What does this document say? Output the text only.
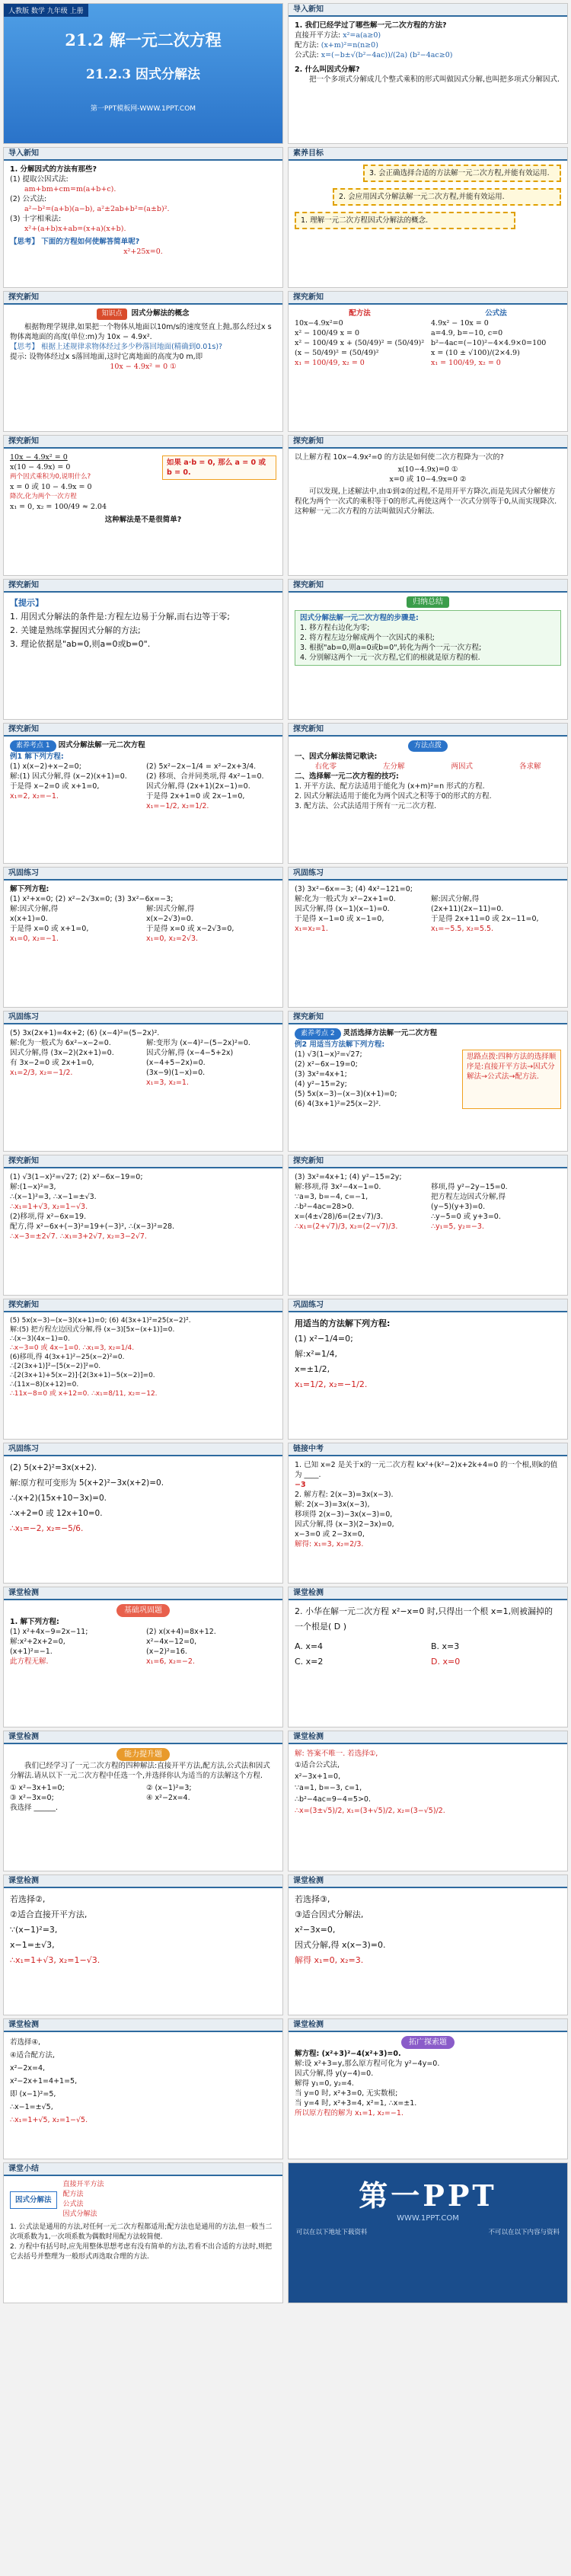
人教版 数学 九年级 上册
21.2 解一元二次方程
21.2.3 因式分解法
第一PPT模板网-WWW.1PPT.COM
导入新知
1. 我们已经学过了哪些解一元二次方程的方法?
直接开平方法: x²=a(a≥0)
配方法: (x+m)²=n(n≥0)
公式法: x=(−b±√(b²−4ac))/(2a) (b²−4ac≥0)
2. 什么叫因式分解?
把一个多项式分解成几个整式乘积的形式叫做因式分解,也叫把多项式分解因式.
导入新知
1. 分解因式的方法有那些?
(1) 提取公因式法:
am+bm+cm=m(a+b+c).
(2) 公式法:
a²−b²=(a+b)(a−b), a²±2ab+b²=(a±b)².
(3) 十字相乘法:
x²+(a+b)x+ab=(x+a)(x+b).
【思考】 下面的方程如何使解答简单呢?
x²+25x=0.
素养目标
3. 会正确选择合适的方法解一元二次方程,并能有效运用.
2. 会应用因式分解法解一元二次方程,并能有效运用.
1. 理解一元二次方程因式分解法的概念.
探究新知
知识点 因式分解法的概念
根据物理学规律,如果把一个物体从地面以10m/s的速度竖直上抛,那么经过x s物体离地面的高度(单位:m)为 10x − 4.9x².
【思考】 根据上述规律求物体经过多少秒落回地面(精确到0.01s)?
提示: 设物体经过x s落回地面,这时它离地面的高度为0 m,即
10x − 4.9x² = 0 ①
探究新知
配方法
10x−4.9x²=0
x² − 100/49 x = 0
x² − 100/49 x + (50/49)² = (50/49)²
(x − 50/49)² = (50/49)²
x₁ = 100/49, x₂ = 0
公式法
4.9x² − 10x = 0
a=4.9, b=−10, c=0
b²−4ac=(−10)²−4×4.9×0=100
x = (10 ± √100)/(2×4.9)
x₁ = 100/49, x₂ = 0
探究新知
10x − 4.9x² = 0
x(10 − 4.9x) = 0
两个因式乘积为0,说明什么?
x = 0 或 10 − 4.9x = 0
降次,化为两个一次方程
x₁ = 0, x₂ = 100/49 ≈ 2.04
如果 a·b = 0, 那么 a = 0 或 b = 0.
这种解法是不是很简单?
探究新知
以上解方程 10x−4.9x²=0 的方法是如何使二次方程降为一次的?
x(10−4.9x)=0 ①
x=0 或 10−4.9x=0 ②
可以发现,上述解法中,由①到②的过程,不是用开平方降次,而是先因式分解使方程化为两个一次式的乘积等于0的形式,再使这两个一次式分别等于0,从而实现降次.这种解一元二次方程的方法叫做因式分解法.
探究新知
【提示】
1. 用因式分解法的条件是:方程左边易于分解,而右边等于零;
2. 关键是熟练掌握因式分解的方法;
3. 理论依据是"ab=0,则a=0或b=0".
探究新知
归纳总结
因式分解法解一元二次方程的步骤是:
1. 移方程右边化为零;
2. 将方程左边分解成两个一次因式的乘积;
3. 根据"ab=0,则a=0或b=0",转化为两个一元一次方程;
4. 分别解这两个一元一次方程,它们的根就是原方程的根.
探究新知
素养考点 1 因式分解法解一元二次方程
例1 解下列方程:
(1) x(x−2)+x−2=0;
解:(1) 因式分解,得 (x−2)(x+1)=0.
于是得 x−2=0 或 x+1=0,
x₁=2, x₂=−1.
(2) 5x²−2x−1/4 = x²−2x+3/4.
(2) 移项、合并同类项,得 4x²−1=0.
因式分解,得 (2x+1)(2x−1)=0.
于是得 2x+1=0 或 2x−1=0,
x₁=−1/2, x₂=1/2.
探究新知
方法点拨
一、因式分解法简记歌诀:
右化零	左分解	两因式	各求解
二、选择解一元二次方程的技巧:
1. 开平方法、配方法适用于能化为 (x+m)²=n 形式的方程.
2. 因式分解法适用于能化为两个因式之积等于0的形式的方程.
3. 配方法、公式法适用于所有一元二次方程.
巩固练习
解下列方程:
(1) x²+x=0; (2) x²−2√3x=0; (3) 3x²−6x=−3;
解:因式分解,得
x(x+1)=0.
于是得 x=0 或 x+1=0,
x₁=0, x₂=−1.
解:因式分解,得
x(x−2√3)=0.
于是得 x=0 或 x−2√3=0,
x₁=0, x₂=2√3.
巩固练习
(3) 3x²−6x=−3; (4) 4x²−121=0;
解:化为一般式为 x²−2x+1=0.
因式分解,得 (x−1)(x−1)=0.
于是得 x−1=0 或 x−1=0,
x₁=x₂=1.
解:因式分解,得
(2x+11)(2x−11)=0.
于是得 2x+11=0 或 2x−11=0,
x₁=−5.5, x₂=5.5.
巩固练习
(5) 3x(2x+1)=4x+2; (6) (x−4)²=(5−2x)².
解:化为一般式为 6x²−x−2=0.
因式分解,得 (3x−2)(2x+1)=0.
有 3x−2=0 或 2x+1=0,
x₁=2/3, x₂=−1/2.
解:变形为 (x−4)²−(5−2x)²=0.
因式分解,得 (x−4−5+2x)(x−4+5−2x)=0.
(3x−9)(1−x)=0.
x₁=3, x₂=1.
探究新知
素养考点 2 灵活选择方法解一元二次方程
例2 用适当方法解下列方程:
(1) √3(1−x)²=√27;
(2) x²−6x−19=0;
(3) 3x²=4x+1;
(4) y²−15=2y;
(5) 5x(x−3)−(x−3)(x+1)=0;
(6) 4(3x+1)²=25(x−2)².
思路点拨:四种方法的选择顺序是:直接开平方法→因式分解法→公式法→配方法.
探究新知
(1) √3(1−x)²=√27; (2) x²−6x−19=0;
解:(1−x)²=3,
∴(x−1)²=3, ∴x−1=±√3.
∴x₁=1+√3, x₂=1−√3.
(2)移项,得 x²−6x=19.
配方,得 x²−6x+(−3)²=19+(−3)², ∴(x−3)²=28.
∴x−3=±2√7. ∴x₁=3+2√7, x₂=3−2√7.
探究新知
(3) 3x²=4x+1; (4) y²−15=2y;
解:移项,得 3x²−4x−1=0.
∵a=3, b=−4, c=−1,
∴b²−4ac=28>0.
x=(4±√28)/6=(2±√7)/3.
∴x₁=(2+√7)/3, x₂=(2−√7)/3.
移项,得 y²−2y−15=0.
把方程左边因式分解,得
(y−5)(y+3)=0.
∴y−5=0 或 y+3=0.
∴y₁=5, y₂=−3.
探究新知
(5) 5x(x−3)−(x−3)(x+1)=0; (6) 4(3x+1)²=25(x−2)².
解:(5) 把方程左边因式分解,得 (x−3)[5x−(x+1)]=0.
∴(x−3)(4x−1)=0.
∴x−3=0 或 4x−1=0. ∴x₁=3, x₂=1/4.
(6)移项,得 4(3x+1)²−25(x−2)²=0.
∴[2(3x+1)]²−[5(x−2)]²=0.
∴[2(3x+1)+5(x−2)]·[2(3x+1)−5(x−2)]=0.
∴(11x−8)(x+12)=0.
∴11x−8=0 或 x+12=0. ∴x₁=8/11, x₂=−12.
巩固练习
用适当的方法解下列方程:
(1) x²−1/4=0;
解:x²=1/4,
x=±1/2,
x₁=1/2, x₂=−1/2.
巩固练习
(2) 5(x+2)²=3x(x+2).
解:原方程可变形为 5(x+2)²−3x(x+2)=0.
∴(x+2)(15x+10−3x)=0.
∴x+2=0 或 12x+10=0.
∴x₁=−2, x₂=−5/6.
链接中考
1. 已知 x=2 是关于x的一元二次方程 kx²+(k²−2)x+2k+4=0 的一个根,则k的值为 ____.
−3
2. 解方程: 2(x−3)=3x(x−3).
解: 2(x−3)=3x(x−3),
移项得 2(x−3)−3x(x−3)=0,
因式分解,得 (x−3)(2−3x)=0,
x−3=0 或 2−3x=0,
解得: x₁=3, x₂=2/3.
课堂检测
基础巩固题
1. 解下列方程:
(1) x²+4x−9=2x−11;
解:x²+2x+2=0,
(x+1)²=−1.
此方程无解.
(2) x(x+4)=8x+12.
x²−4x−12=0,
(x−2)²=16.
x₁=6, x₂=−2.
课堂检测
2. 小华在解一元二次方程 x²−x=0 时,只得出一个根 x=1,则被漏掉的一个根是( D )
A. x=4	B. x=3
C. x=2	D. x=0
课堂检测
能力提升题
我们已经学习了一元二次方程的四种解法:直接开平方法,配方法,公式法和因式分解法.请从以下一元二次方程中任选一个,并选择你认为适当的方法解这个方程.
① x²−3x+1=0;	② (x−1)²=3;
③ x²−3x=0;	④ x²−2x=4.
我选择 ______.
课堂检测
解: 答案不唯一. 若选择①,
①适合公式法,
x²−3x+1=0,
∵a=1, b=−3, c=1,
∴b²−4ac=9−4=5>0.
∴x=(3±√5)/2, x₁=(3+√5)/2, x₂=(3−√5)/2.
课堂检测
若选择②,
②适合直接开平方法,
∵(x−1)²=3,
x−1=±√3,
∴x₁=1+√3, x₂=1−√3.
课堂检测
若选择③,
③适合因式分解法,
x²−3x=0,
因式分解,得 x(x−3)=0.
解得 x₁=0, x₂=3.
课堂检测
若选择④,
④适合配方法,
x²−2x=4,
x²−2x+1=4+1=5,
即 (x−1)²=5,
∴x−1=±√5,
∴x₁=1+√5, x₂=1−√5.
课堂检测
拓广探索题
解方程: (x²+3)²−4(x²+3)=0.
解:设 x²+3=y,那么原方程可化为 y²−4y=0.
因式分解,得 y(y−4)=0.
解得 y₁=0, y₂=4.
当 y=0 时, x²+3=0, 无实数根;
当 y=4 时, x²+3=4, x²=1, ∴x=±1.
所以原方程的解为 x₁=1, x₂=−1.
课堂小结
因式分解法
直接开平方法
配方法
公式法
因式分解法
1. 公式法是通用的方法,对任何一元二次方程都适用;配方法也是通用的方法,但一般当二次项系数为1,一次项系数为偶数时用配方法较简便.
2. 方程中有括号时,应先用整体思想考虑有没有简单的方法,若看不出合适的方法时,则把它去括号并整理为一般形式再选取合理的方法.
第一PPT
WWW.1PPT.COM
可以在以下地址下载资料	不可以在以下内容与资料
